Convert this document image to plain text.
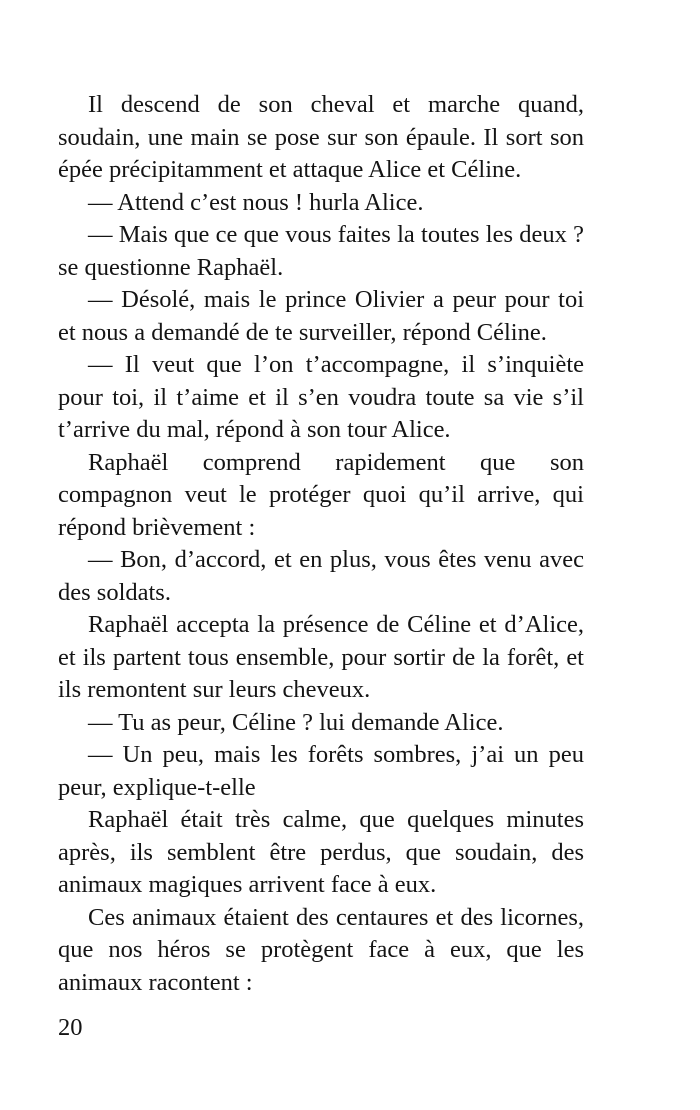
Il descend de son cheval et marche quand, soudain, une main se pose sur son épaule. Il sort son épée précipitamment et attaque Alice et Céline.

— Attend c’est nous ! hurla Alice.

— Mais que ce que vous faites la toutes les deux ? se questionne Raphaël.

— Désolé, mais le prince Olivier a peur pour toi et nous a demandé de te surveiller, répond Céline.

— Il veut que l’on t’accompagne, il s’inquiète pour toi, il t’aime et il s’en voudra toute sa vie s’il t’arrive du mal, répond à son tour Alice.

Raphaël comprend rapidement que son compagnon veut le protéger quoi qu’il arrive, qui répond brièvement :

— Bon, d’accord, et en plus, vous êtes venu avec des soldats.

Raphaël accepta la présence de Céline et d’Alice, et ils partent tous ensemble, pour sortir de la forêt, et ils remontent sur leurs cheveux.

— Tu as peur, Céline ? lui demande Alice.

— Un peu, mais les forêts sombres, j’ai un peu peur, explique-t-elle

Raphaël était très calme, que quelques minutes après, ils semblent être perdus, que soudain, des animaux magiques arrivent face à eux.

Ces animaux étaient des centaures et des licornes, que nos héros se protègent face à eux, que les animaux racontent :

20
